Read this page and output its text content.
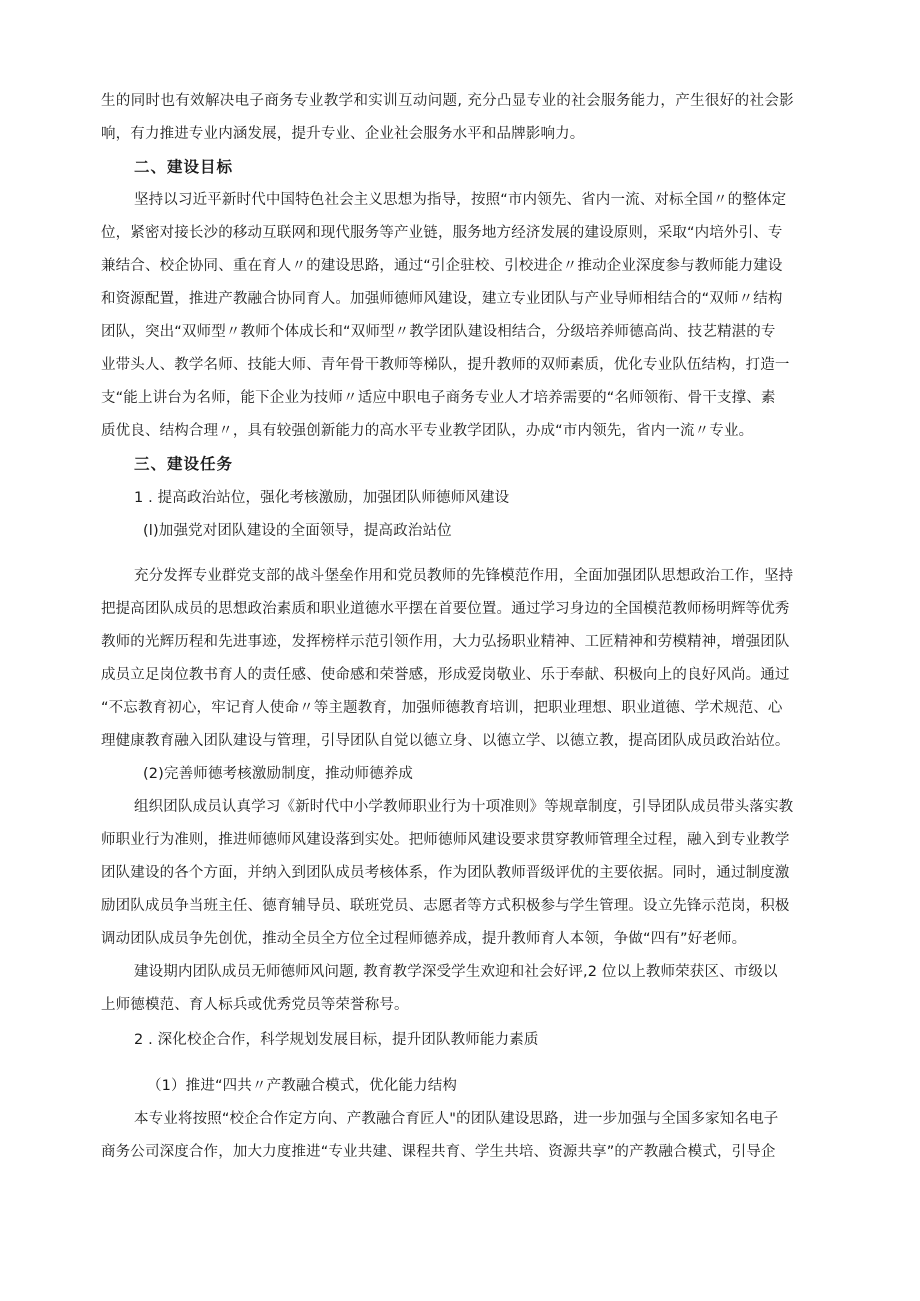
生的同时也有效解决电子商务专业教学和实训互动问题, 充分凸显专业的社会服务能力，产生很好的社会影
响，有力推进专业内涵发展，提升专业、企业社会服务水平和品牌影响力。
二、建设目标
坚持以习近平新时代中国特色社会主义思想为指导，按照“市内领先、省内一流、对标全国〃的整体定
位，紧密对接长沙的移动互联网和现代服务等产业链，服务地方经济发展的建设原则，采取“内培外引、专
兼结合、校企协同、重在育人〃的建设思路，通过“引企驻校、引校进企〃推动企业深度参与教师能力建设
和资源配置，推进产教融合协同育人。加强师德师风建设，建立专业团队与产业导师相结合的“双师〃结构
团队，突出“双师型〃教师个体成长和“双师型〃教学团队建设相结合，分级培养师德高尚、技艺精湛的专
业带头人、教学名师、技能大师、青年骨干教师等梯队，提升教师的双师素质，优化专业队伍结构，打造一
支“能上讲台为名师，能下企业为技师〃适应中职电子商务专业人才培养需要的“名师领衔、骨干支撑、素
质优良、结构合理〃，具有较强创新能力的高水平专业教学团队，办成“市内领先，省内一流〃专业。
三、建设任务
1 . 提高政治站位，强化考核激励，加强团队师德师风建设
(l)加强党对团队建设的全面领导，提高政治站位
充分发挥专业群党支部的战斗堡垒作用和党员教师的先锋模范作用，全面加强团队思想政治工作，坚持
把提高团队成员的思想政治素质和职业道德水平摆在首要位置。通过学习身边的全国模范教师杨明辉等优秀
教师的光辉历程和先进事迹，发挥榜样示范引领作用，大力弘扬职业精神、工匠精神和劳模精神，增强团队
成员立足岗位教书育人的责任感、使命感和荣誉感，形成爱岗敬业、乐于奉献、积极向上的良好风尚。通过
“不忘教育初心，牢记育人使命〃等主题教育，加强师德教育培训，把职业理想、职业道德、学术规范、心
理健康教育融入团队建设与管理，引导团队自觉以德立身、以德立学、以德立教，提高团队成员政治站位。
(2)完善师德考核激励制度，推动师德养成
组织团队成员认真学习《新时代中小学教师职业行为十项准则》等规章制度，引导团队成员带头落实教
师职业行为准则，推进师德师风建设落到实处。把师德师风建设要求贯穿教师管理全过程，融入到专业教学
团队建设的各个方面，并纳入到团队成员考核体系，作为团队教师晋级评优的主要依据。同时，通过制度激
励团队成员争当班主任、德育辅导员、联班党员、志愿者等方式积极参与学生管理。设立先锋示范岗，积极
调动团队成员争先创优，推动全员全方位全过程师德养成，提升教师育人本领，争做“四有”好老师。
建设期内团队成员无师德师风问题, 教育教学深受学生欢迎和社会好评,2 位以上教师荣获区、市级以
上师德模范、育人标兵或优秀党员等荣誉称号。
2 . 深化校企合作，科学规划发展目标，提升团队教师能力素质
（1）推进“四共〃产教融合模式，优化能力结构
本专业将按照“校企合作定方向、产教融合育匠人"的团队建设思路，进一步加强与全国多家知名电子
商务公司深度合作，加大力度推进“专业共建、课程共育、学生共培、资源共享”的产教融合模式，引导企
